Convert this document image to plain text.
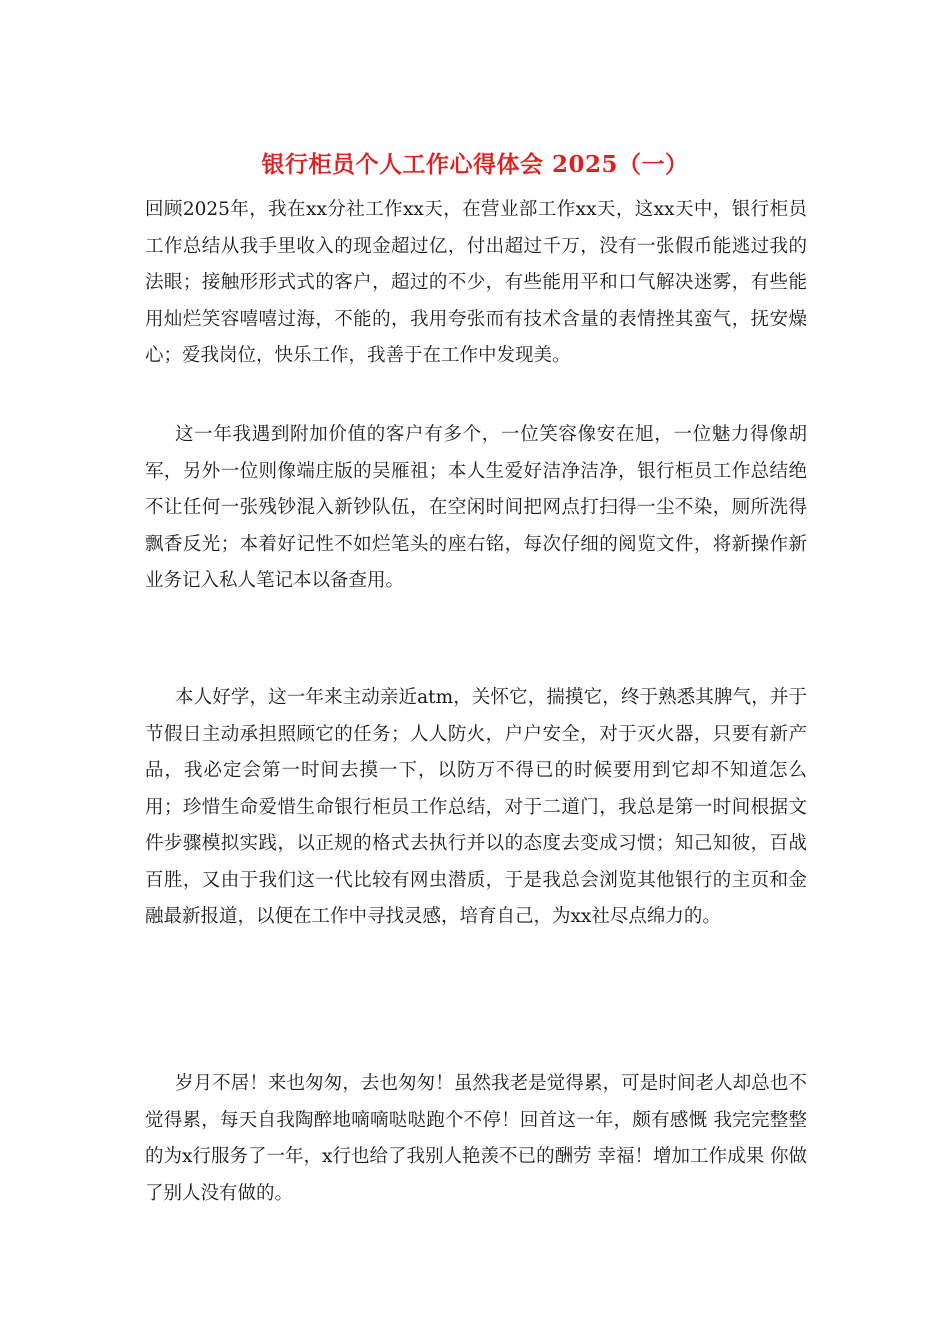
银行柜员个人工作心得体会 2025（一）

回顾2025年，我在xx分社工作xx天，在营业部工作xx天，这xx天中，银行柜员工作总结从我手里收入的现金超过亿，付出超过千万，没有一张假币能逃过我的法眼；接触形形式式的客户，超过的不少，有些能用平和口气解决迷雾，有些能用灿烂笑容嘻嘻过海，不能的，我用夸张而有技术含量的表情挫其蛮气，抚安燥心；爱我岗位，快乐工作，我善于在工作中发现美。

这一年我遇到附加价值的客户有多个，一位笑容像安在旭，一位魅力得像胡军，另外一位则像端庄版的吴雁祖；本人生爱好洁净洁净，银行柜员工作总结绝不让任何一张残钞混入新钞队伍，在空闲时间把网点打扫得一尘不染，厕所洗得飘香反光；本着好记性不如烂笔头的座右铭，每次仔细的阅览文件，将新操作新业务记入私人笔记本以备查用。

本人好学，这一年来主动亲近atm，关怀它，揣摸它，终于熟悉其脾气，并于节假日主动承担照顾它的任务；人人防火，户户安全，对于灭火器，只要有新产品，我必定会第一时间去摸一下，以防万不得已的时候要用到它却不知道怎么用；珍惜生命爱惜生命银行柜员工作总结，对于二道门，我总是第一时间根据文件步骤模拟实践，以正规的格式去执行并以的态度去变成习惯；知己知彼，百战百胜，又由于我们这一代比较有网虫潜质，于是我总会浏览其他银行的主页和金融最新报道，以便在工作中寻找灵感，培育自己，为xx社尽点绵力的。

岁月不居！来也匆匆，去也匆匆！虽然我老是觉得累，可是时间老人却总也不觉得累，每天自我陶醉地嘀嘀哒哒跑个不停！回首这一年，颇有感慨 我完完整整的为x行服务了一年，x行也给了我别人艳羡不已的酬劳 幸福！增加工作成果 你做了别人没有做的。
